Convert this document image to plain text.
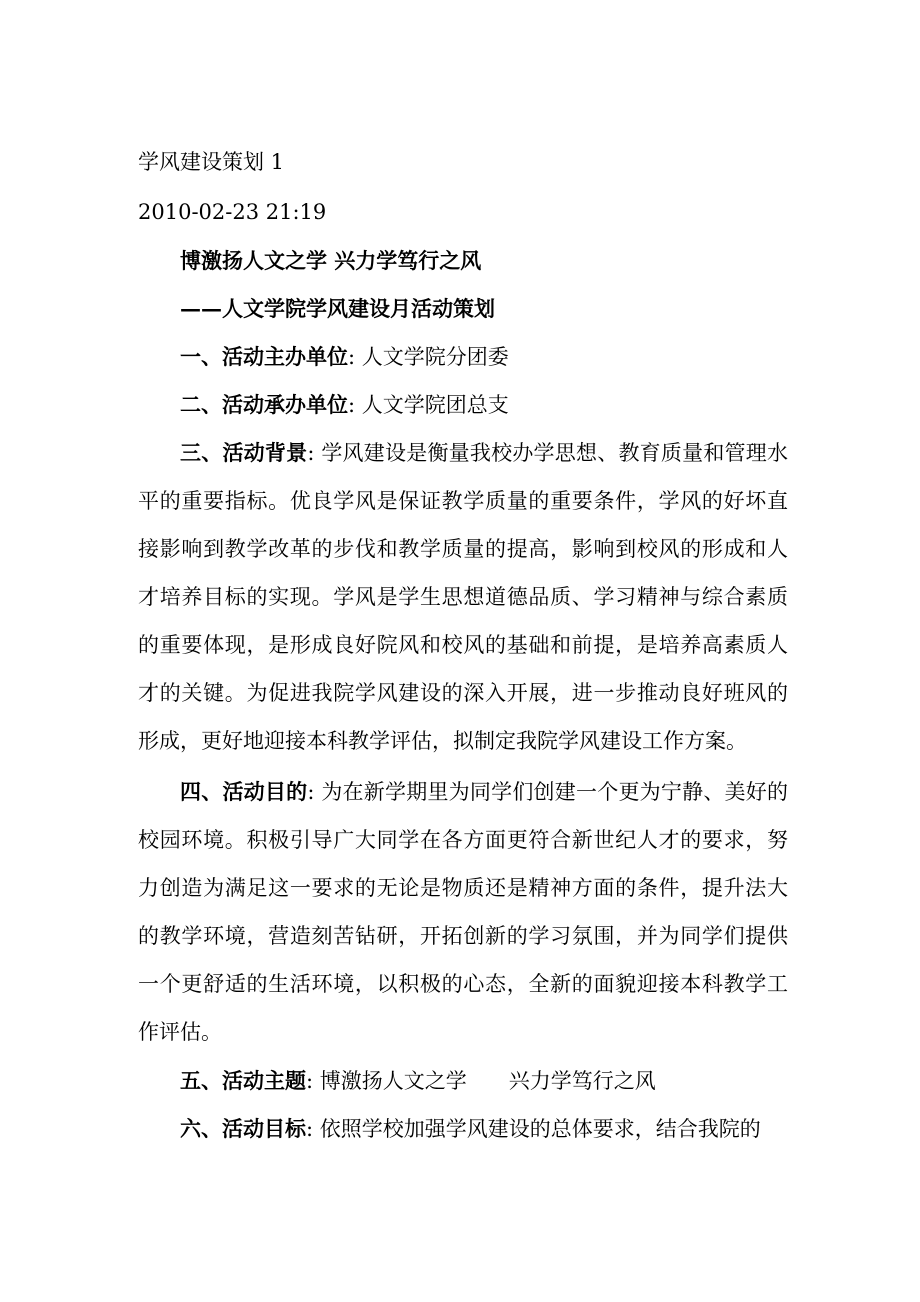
学风建设策划 1
2010-02-23 21:19
博激扬人文之学 兴力学笃行之风
——人文学院学风建设月活动策划
一、活动主办单位: 人文学院分团委
二、活动承办单位: 人文学院团总支

三、活动背景: 学风建设是衡量我校办学思想、教育质量和管理水平的重要指标。优良学风是保证教学质量的重要条件，学风的好坏直接影响到教学改革的步伐和教学质量的提高，影响到校风的形成和人才培养目标的实现。学风是学生思想道德品质、学习精神与综合素质的重要体现，是形成良好院风和校风的基础和前提，是培养高素质人才的关键。为促进我院学风建设的深入开展，进一步推动良好班风的形成，更好地迎接本科教学评估，拟制定我院学风建设工作方案。

四、活动目的: 为在新学期里为同学们创建一个更为宁静、美好的校园环境。积极引导广大同学在各方面更符合新世纪人才的要求，努力创造为满足这一要求的无论是物质还是精神方面的条件，提升法大的教学环境，营造刻苦钻研，开拓创新的学习氛围，并为同学们提供一个更舒适的生活环境，以积极的心态，全新的面貌迎接本科教学工作评估。

五、活动主题: 博激扬人文之学　　兴力学笃行之风

六、活动目标: 依照学校加强学风建设的总体要求，结合我院的
